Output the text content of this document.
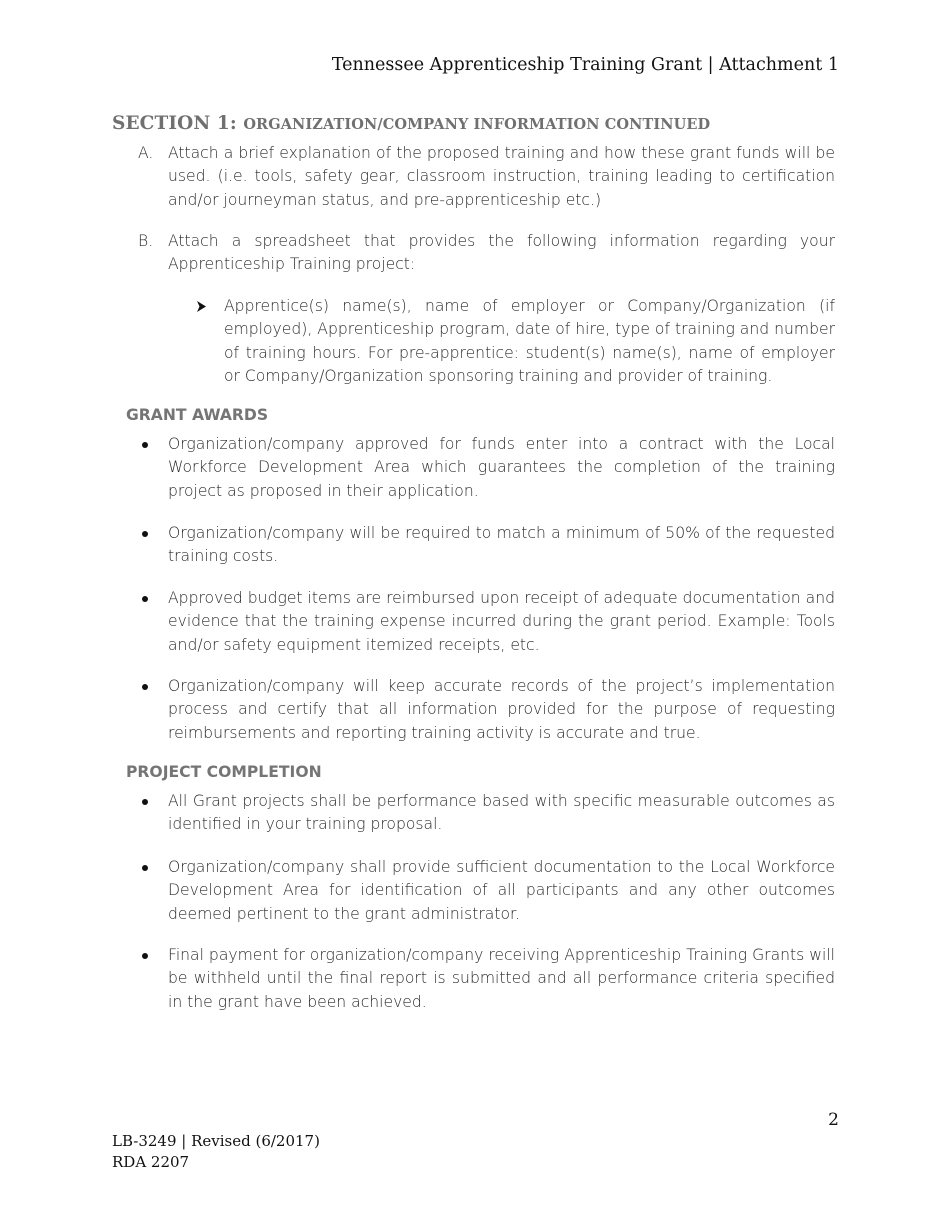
Tennessee Apprenticeship Training Grant | Attachment 1
SECTION 1: ORGANIZATION/COMPANY INFORMATION CONTINUED
A. Attach a brief explanation of the proposed training and how these grant funds will be used. (i.e. tools, safety gear, classroom instruction, training leading to certification and/or journeyman status, and pre-apprenticeship etc.)

B. Attach a spreadsheet that provides the following information regarding your Apprenticeship Training project:

Apprentice(s) name(s), name of employer or Company/Organization (if employed), Apprenticeship program, date of hire, type of training and number of training hours. For pre-apprentice: student(s) name(s), name of employer or Company/Organization sponsoring training and provider of training.

GRANT AWARDS

Organization/company approved for funds enter into a contract with the Local Workforce Development Area which guarantees the completion of the training project as proposed in their application.

Organization/company will be required to match a minimum of 50% of the requested training costs.

Approved budget items are reimbursed upon receipt of adequate documentation and evidence that the training expense incurred during the grant period. Example: Tools and/or safety equipment itemized receipts, etc.

Organization/company will keep accurate records of the project’s implementation process and certify that all information provided for the purpose of requesting reimbursements and reporting training activity is accurate and true.

PROJECT COMPLETION

All Grant projects shall be performance based with specific measurable outcomes as identified in your training proposal.

Organization/company shall provide sufficient documentation to the Local Workforce Development Area for identification of all participants and any other outcomes deemed pertinent to the grant administrator.

Final payment for organization/company receiving Apprenticeship Training Grants will be withheld until the final report is submitted and all performance criteria specified in the grant have been achieved.

2
LB-3249 | Revised (6/2017)
RDA 2207
